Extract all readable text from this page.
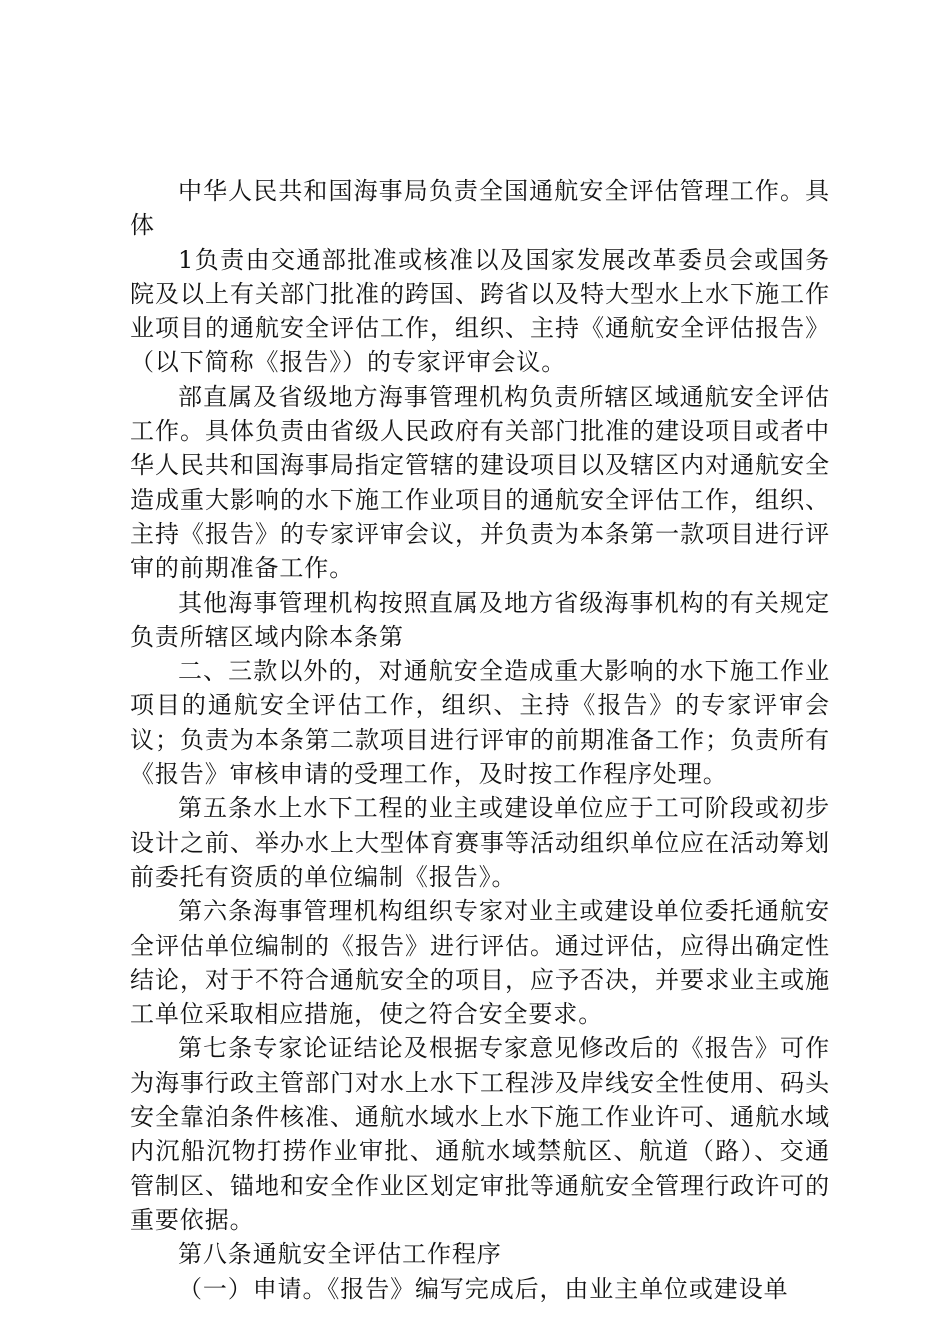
中华人民共和国海事局负责全国通航安全评估管理工作。具体

1负责由交通部批准或核准以及国家发展改革委员会或国务院及以上有关部门批准的跨国、跨省以及特大型水上水下施工作业项目的通航安全评估工作，组织、主持《通航安全评估报告》（以下简称《报告》）的专家评审会议。

部直属及省级地方海事管理机构负责所辖区域通航安全评估工作。具体负责由省级人民政府有关部门批准的建设项目或者中华人民共和国海事局指定管辖的建设项目以及辖区内对通航安全造成重大影响的水下施工作业项目的通航安全评估工作，组织、主持《报告》的专家评审会议，并负责为本条第一款项目进行评审的前期准备工作。

其他海事管理机构按照直属及地方省级海事机构的有关规定负责所辖区域内除本条第

二、三款以外的，对通航安全造成重大影响的水下施工作业项目的通航安全评估工作，组织、主持《报告》的专家评审会议；负责为本条第二款项目进行评审的前期准备工作；负责所有《报告》审核申请的受理工作，及时按工作程序处理。

第五条水上水下工程的业主或建设单位应于工可阶段或初步设计之前、举办水上大型体育赛事等活动组织单位应在活动筹划前委托有资质的单位编制《报告》。

第六条海事管理机构组织专家对业主或建设单位委托通航安全评估单位编制的《报告》进行评估。通过评估，应得出确定性结论，对于不符合通航安全的项目，应予否决，并要求业主或施工单位采取相应措施，使之符合安全要求。

第七条专家论证结论及根据专家意见修改后的《报告》可作为海事行政主管部门对水上水下工程涉及岸线安全性使用、码头安全靠泊条件核准、通航水域水上水下施工作业许可、通航水域内沉船沉物打捞作业审批、通航水域禁航区、航道（路）、交通管制区、锚地和安全作业区划定审批等通航安全管理行政许可的重要依据。

第八条通航安全评估工作程序

（一）申请。《报告》编写完成后，由业主单位或建设单
